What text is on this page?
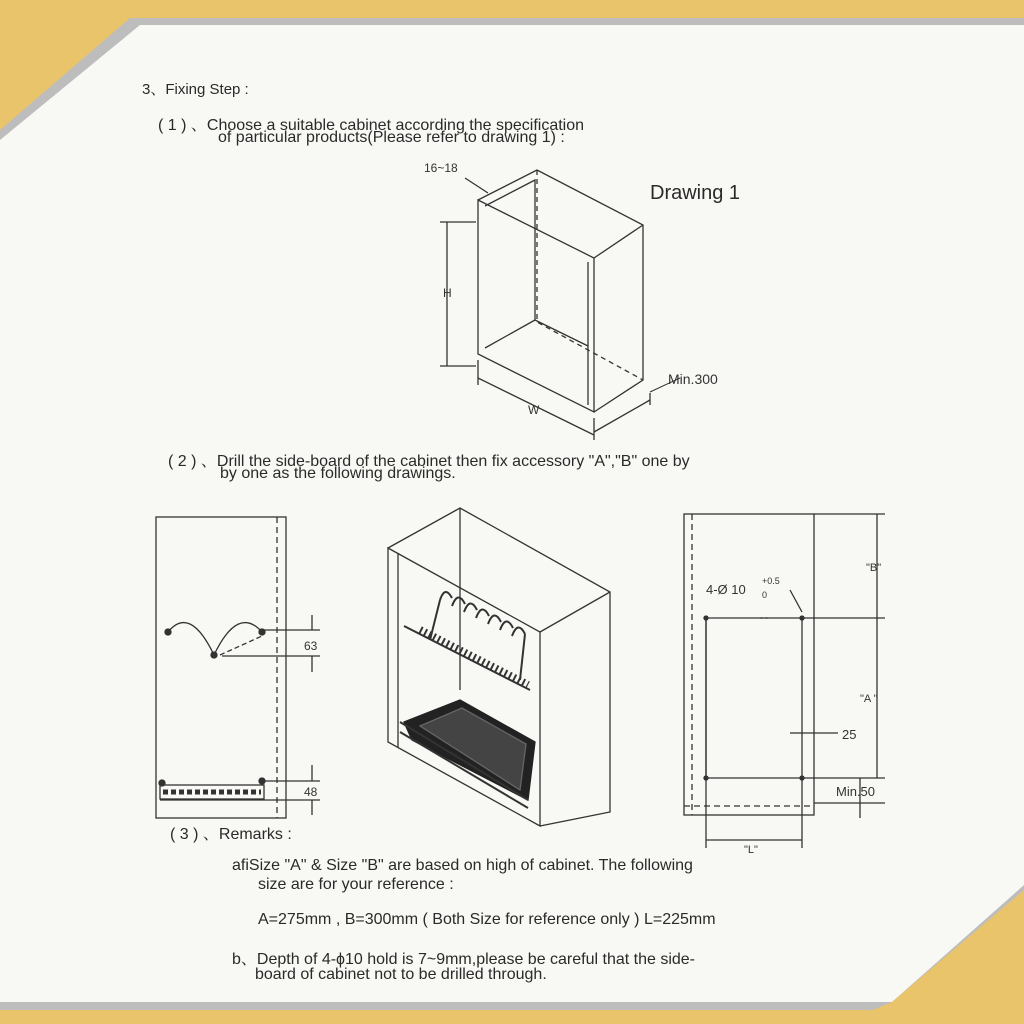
3、Fixing Step :
( 1 ) 、Choose a suitable cabinet according the specification
of particular products(Please refer to drawing 1) :
Drawing 1
( 2 ) 、Drill the side-board of the cabinet then fix accessory "A","B" one by
by one as the following drawings.
( 3 ) 、Remarks :
afiSize "A" & Size "B" are based on high of cabinet. The following
size are for your reference :
A=275mm , B=300mm ( Both Size for reference only ) L=225mm
b、Depth of 4-ϕ10 hold is 7~9mm,please be careful that the side-
board of cabinet not to be drilled through.
16~18
H
W
Min.300
63
48
4-Ø 10
+0.5
0
"B"
"A "
25
Min.50
"L"
